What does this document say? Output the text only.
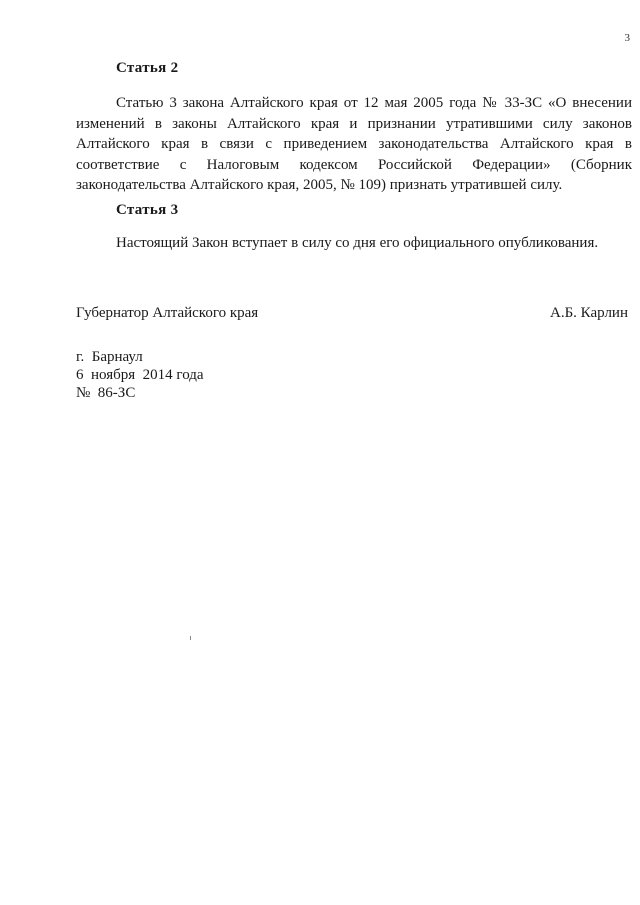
3
Статья 2

Статью 3 закона Алтайского края от 12 мая 2005 года № 33-ЗС «О внесении изменений в законы Алтайского края и признании утратившими силу законов Алтайского края в связи с приведением законодательства Алтайского края в соответствие с Налоговым кодексом Российской Федерации» (Сборник законодательства Алтайского края, 2005, № 109) признать утратившей силу.

Статья 3

Настоящий Закон вступает в силу со дня его официального опубликования.

Губернатор Алтайского края	А.Б. Карлин
г.  Барнаул
6  ноября  2014 года
№  86-ЗС
